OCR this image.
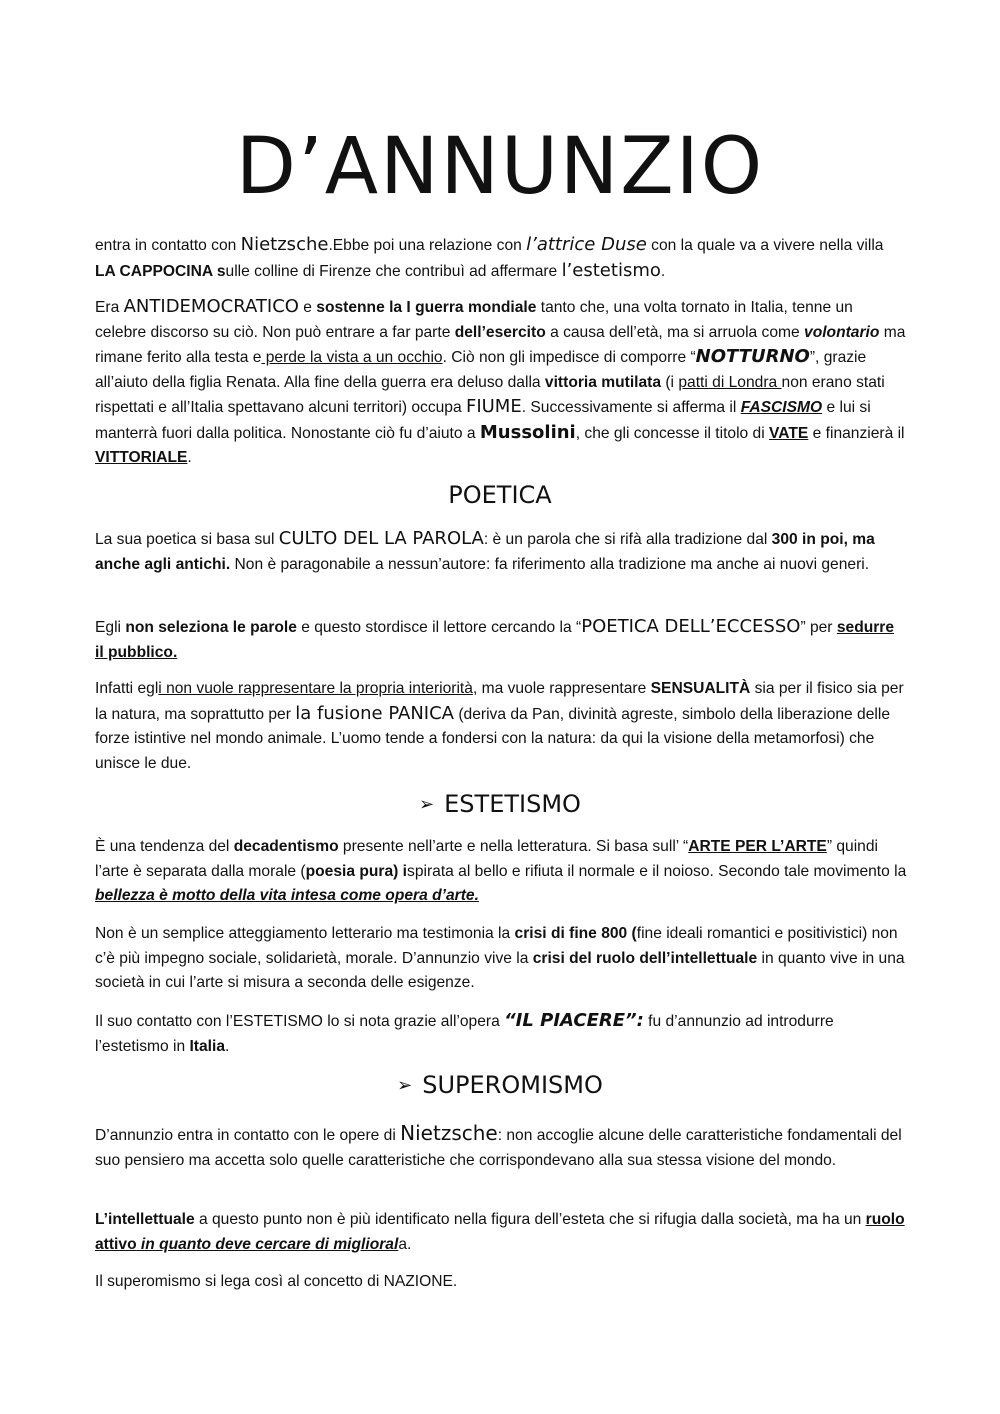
D’ANNUNZIO

entra in contatto con Nietzsche.Ebbe poi una relazione con l’attrice Duse con la quale va a vivere nella villa LA CAPPOCINA sulle colline di Firenze che contribuì ad affermare l’estetismo.

Era ANTIDEMOCRATICO e sostenne la I guerra mondiale tanto che, una volta tornato in Italia, tenne un celebre discorso su ciò. Non può entrare a far parte dell’esercito a causa dell’età, ma si arruola come volontario ma rimane ferito alla testa e perde la vista a un occhio. Ciò non gli impedisce di comporre “NOTTURNO”, grazie all’aiuto della figlia Renata. Alla fine della guerra era deluso dalla vittoria mutilata (i patti di Londra non erano stati rispettati e all’Italia spettavano alcuni territori) occupa FIUME. Successivamente si afferma il FASCISMO e lui si manterrà fuori dalla politica. Nonostante ciò fu d’aiuto a Mussolini, che gli concesse il titolo di VATE e finanzierà il VITTORIALE.

POETICA

La sua poetica si basa sul CULTO DEL LA PAROLA: è un parola che si rifà alla tradizione dal 300 in poi, ma anche agli antichi. Non è paragonabile a nessun’autore: fa riferimento alla tradizione ma anche ai nuovi generi.

Egli non seleziona le parole e questo stordisce il lettore cercando la “POETICA DELL’ECCESSO” per sedurre il pubblico.

Infatti egli non vuole rappresentare la propria interiorità, ma vuole rappresentare SENSUALITÀ sia per il fisico sia per la natura, ma soprattutto per la fusione PANICA (deriva da Pan, divinità agreste, simbolo della liberazione delle forze istintive nel mondo animale. L’uomo tende a fondersi con la natura: da qui la visione della metamorfosi) che unisce le due.

➢ ESTETISMO

È una tendenza del decadentismo presente nell’arte e nella letteratura. Si basa sull’ “ARTE PER L’ARTE” quindi l’arte è separata dalla morale (poesia pura) ispirata al bello e rifiuta il normale e il noioso. Secondo tale movimento la bellezza è motto della vita intesa come opera d’arte.

Non è un semplice atteggiamento letterario ma testimonia la crisi di fine 800 (fine ideali romantici e positivistici) non c’è più impegno sociale, solidarietà, morale. D’annunzio vive la crisi del ruolo dell’intellettuale in quanto vive in una società in cui l’arte si misura a seconda delle esigenze.

Il suo contatto con l’ESTETISMO lo si nota grazie all’opera “IL PIACERE”: fu d’annunzio ad introdurre l’estetismo in Italia.

➢ SUPEROMISMO

D’annunzio entra in contatto con le opere di Nietzsche: non accoglie alcune delle caratteristiche fondamentali del suo pensiero ma accetta solo quelle caratteristiche che corrispondevano alla sua stessa visione del mondo.

L’intellettuale a questo punto non è più identificato nella figura dell’esteta che si rifugia dalla società, ma ha un ruolo attivo in quanto deve cercare di migliorala.

Il superomismo si lega così al concetto di NAZIONE.
